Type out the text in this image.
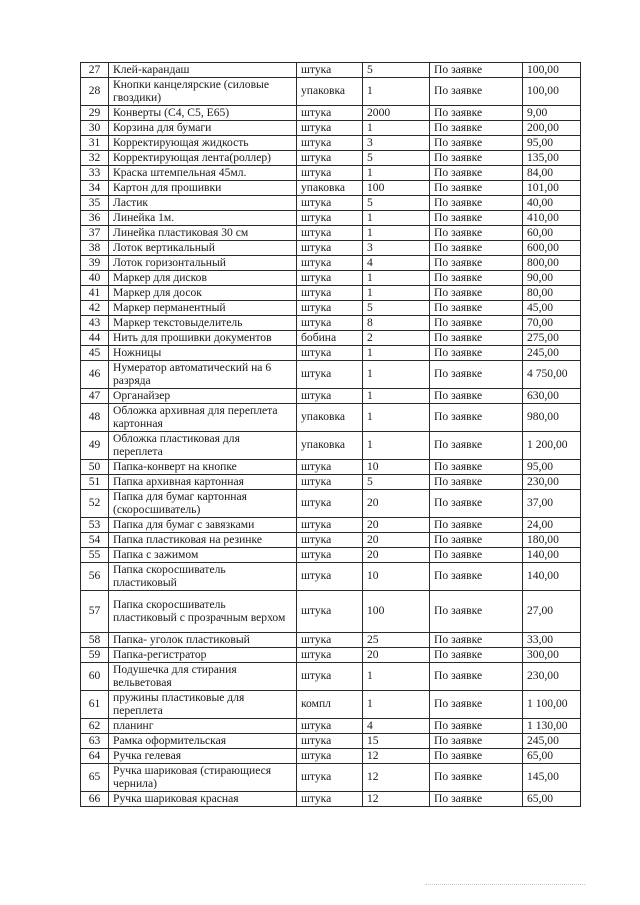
27	Клей-карандаш	штука	5	По заявке	100,00
28	Кнопки канцелярские (силовые гвоздики)	упаковка	1	По заявке	100,00
29	Конверты (С4, С5, Е65)	штука	2000	По заявке	9,00
30	Корзина для бумаги	штука	1	По заявке	200,00
31	Корректирующая жидкость	штука	3	По заявке	95,00
32	Корректирующая лента(роллер)	штука	5	По заявке	135,00
33	Краска штемпельная 45мл.	штука	1	По заявке	84,00
34	Картон для прошивки	упаковка	100	По заявке	101,00
35	Ластик	штука	5	По заявке	40,00
36	Линейка 1м.	штука	1	По заявке	410,00
37	Линейка пластиковая 30 см	штука	1	По заявке	60,00
38	Лоток вертикальный	штука	3	По заявке	600,00
39	Лоток горизонтальный	штука	4	По заявке	800,00
40	Маркер для дисков	штука	1	По заявке	90,00
41	Маркер для досок	штука	1	По заявке	80,00
42	Маркер перманентный	штука	5	По заявке	45,00
43	Маркер текстовыделитель	штука	8	По заявке	70,00
44	Нить для прошивки документов	бобина	2	По заявке	275,00
45	Ножницы	штука	1	По заявке	245,00
46	Нумератор автоматический на 6 разряда	штука	1	По заявке	4 750,00
47	Органайзер	штука	1	По заявке	630,00
48	Обложка архивная для переплета картонная	упаковка	1	По заявке	980,00
49	Обложка пластиковая для переплета	упаковка	1	По заявке	1 200,00
50	Папка-конверт на кнопке	штука	10	По заявке	95,00
51	Папка архивная картонная	штука	5	По заявке	230,00
52	Папка для бумаг картонная (скоросшиватель)	штука	20	По заявке	37,00
53	Папка для бумаг с завязками	штука	20	По заявке	24,00
54	Папка пластиковая на резинке	штука	20	По заявке	180,00
55	Папка с зажимом	штука	20	По заявке	140,00
56	Папка скоросшиватель пластиковый	штука	10	По заявке	140,00
57	Папка скоросшиватель пластиковый с прозрачным верхом	штука	100	По заявке	27,00
58	Папка- уголок пластиковый	штука	25	По заявке	33,00
59	Папка-регистратор	штука	20	По заявке	300,00
60	Подушечка для стирания вельветовая	штука	1	По заявке	230,00
61	пружины пластиковые для переплета	компл	1	По заявке	1 100,00
62	планинг	штука	4	По заявке	1 130,00
63	Рамка оформительская	штука	15	По заявке	245,00
64	Ручка гелевая	штука	12	По заявке	65,00
65	Ручка шариковая (стирающиеся чернила)	штука	12	По заявке	145,00
66	Ручка шариковая красная	штука	12	По заявке	65,00
